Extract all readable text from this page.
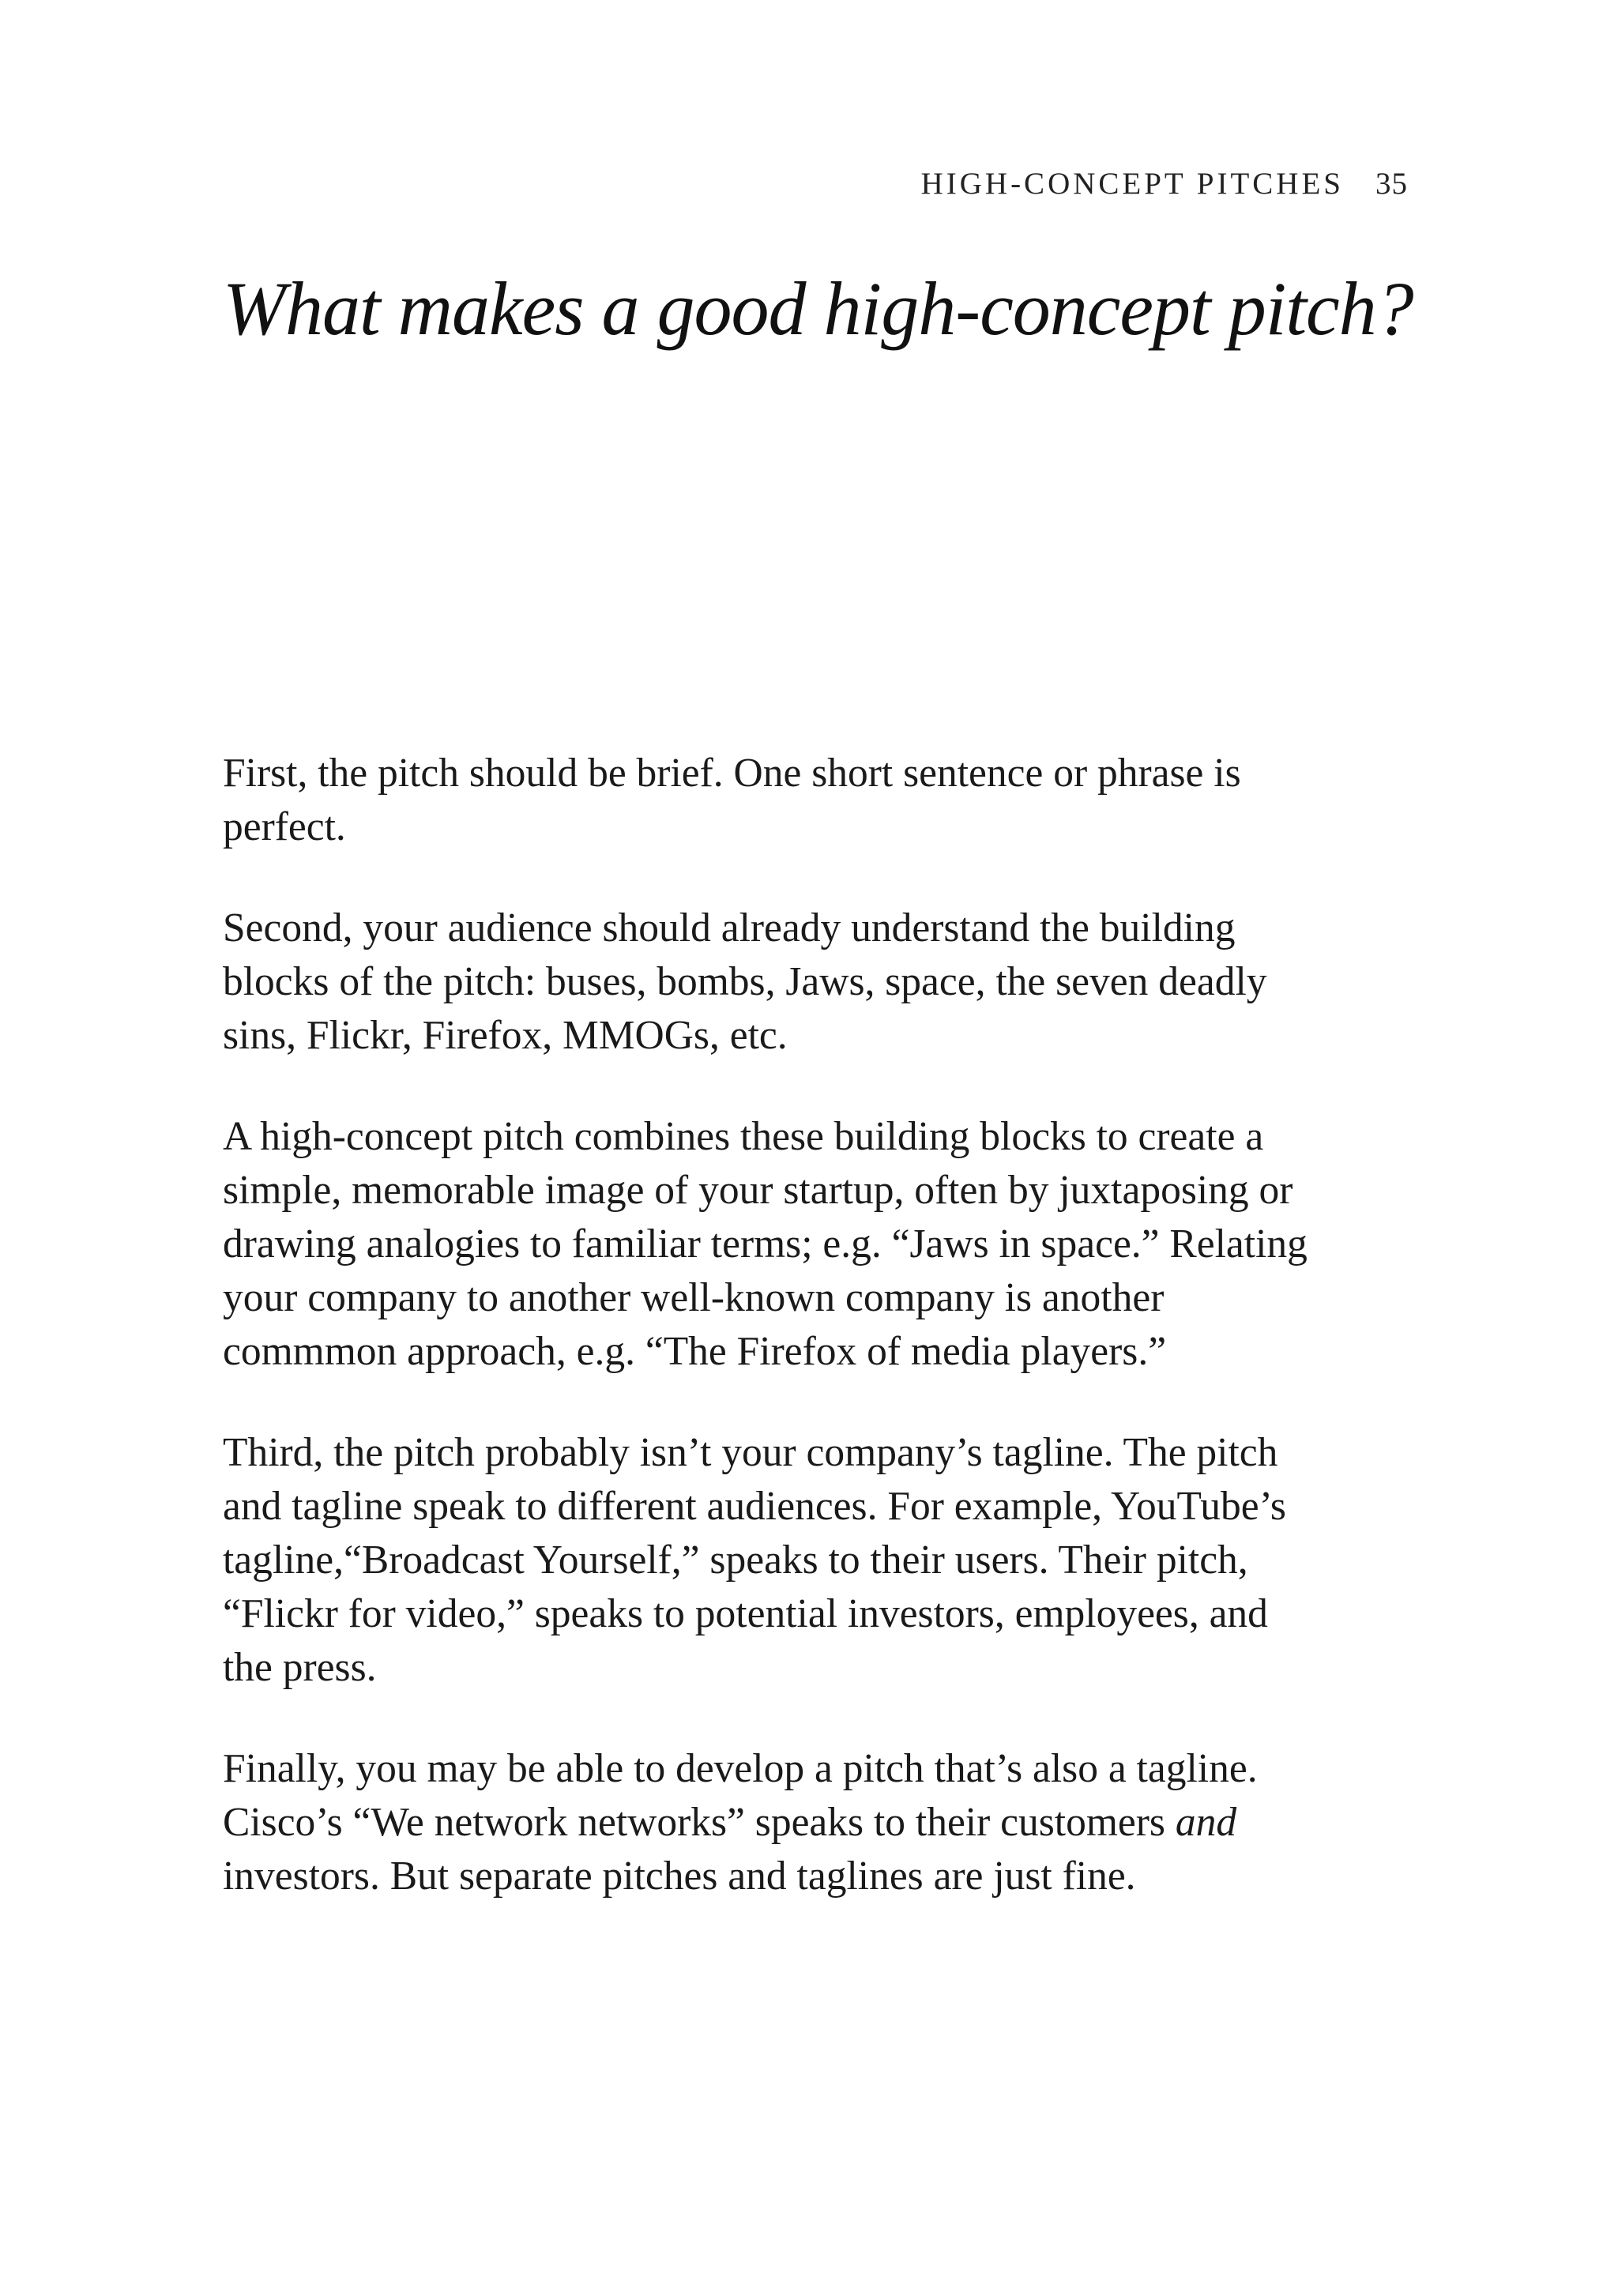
HIGH-CONCEPT PITCHES 35
What makes a good high-concept pitch?

First, the pitch should be brief. One short sentence or phrase is
perfect.

Second, your audience should already understand the building
blocks of the pitch: buses, bombs, Jaws, space, the seven deadly
sins, Flickr, Firefox, MMOGs, etc.

A high-concept pitch combines these building blocks to create a
simple, memorable image of your startup, often by juxtaposing or
drawing analogies to familiar terms; e.g. “Jaws in space.” Relating
your company to another well-known company is another
commmon approach, e.g. “The Firefox of media players.”

Third, the pitch probably isn’t your company’s tagline. The pitch
and tagline speak to different audiences. For example, YouTube’s
tagline,“Broadcast Yourself,” speaks to their users. Their pitch,
“Flickr for video,” speaks to potential investors, employees, and
the press.

Finally, you may be able to develop a pitch that’s also a tagline.
Cisco’s “We network networks” speaks to their customers and
investors. But separate pitches and taglines are just fine.
